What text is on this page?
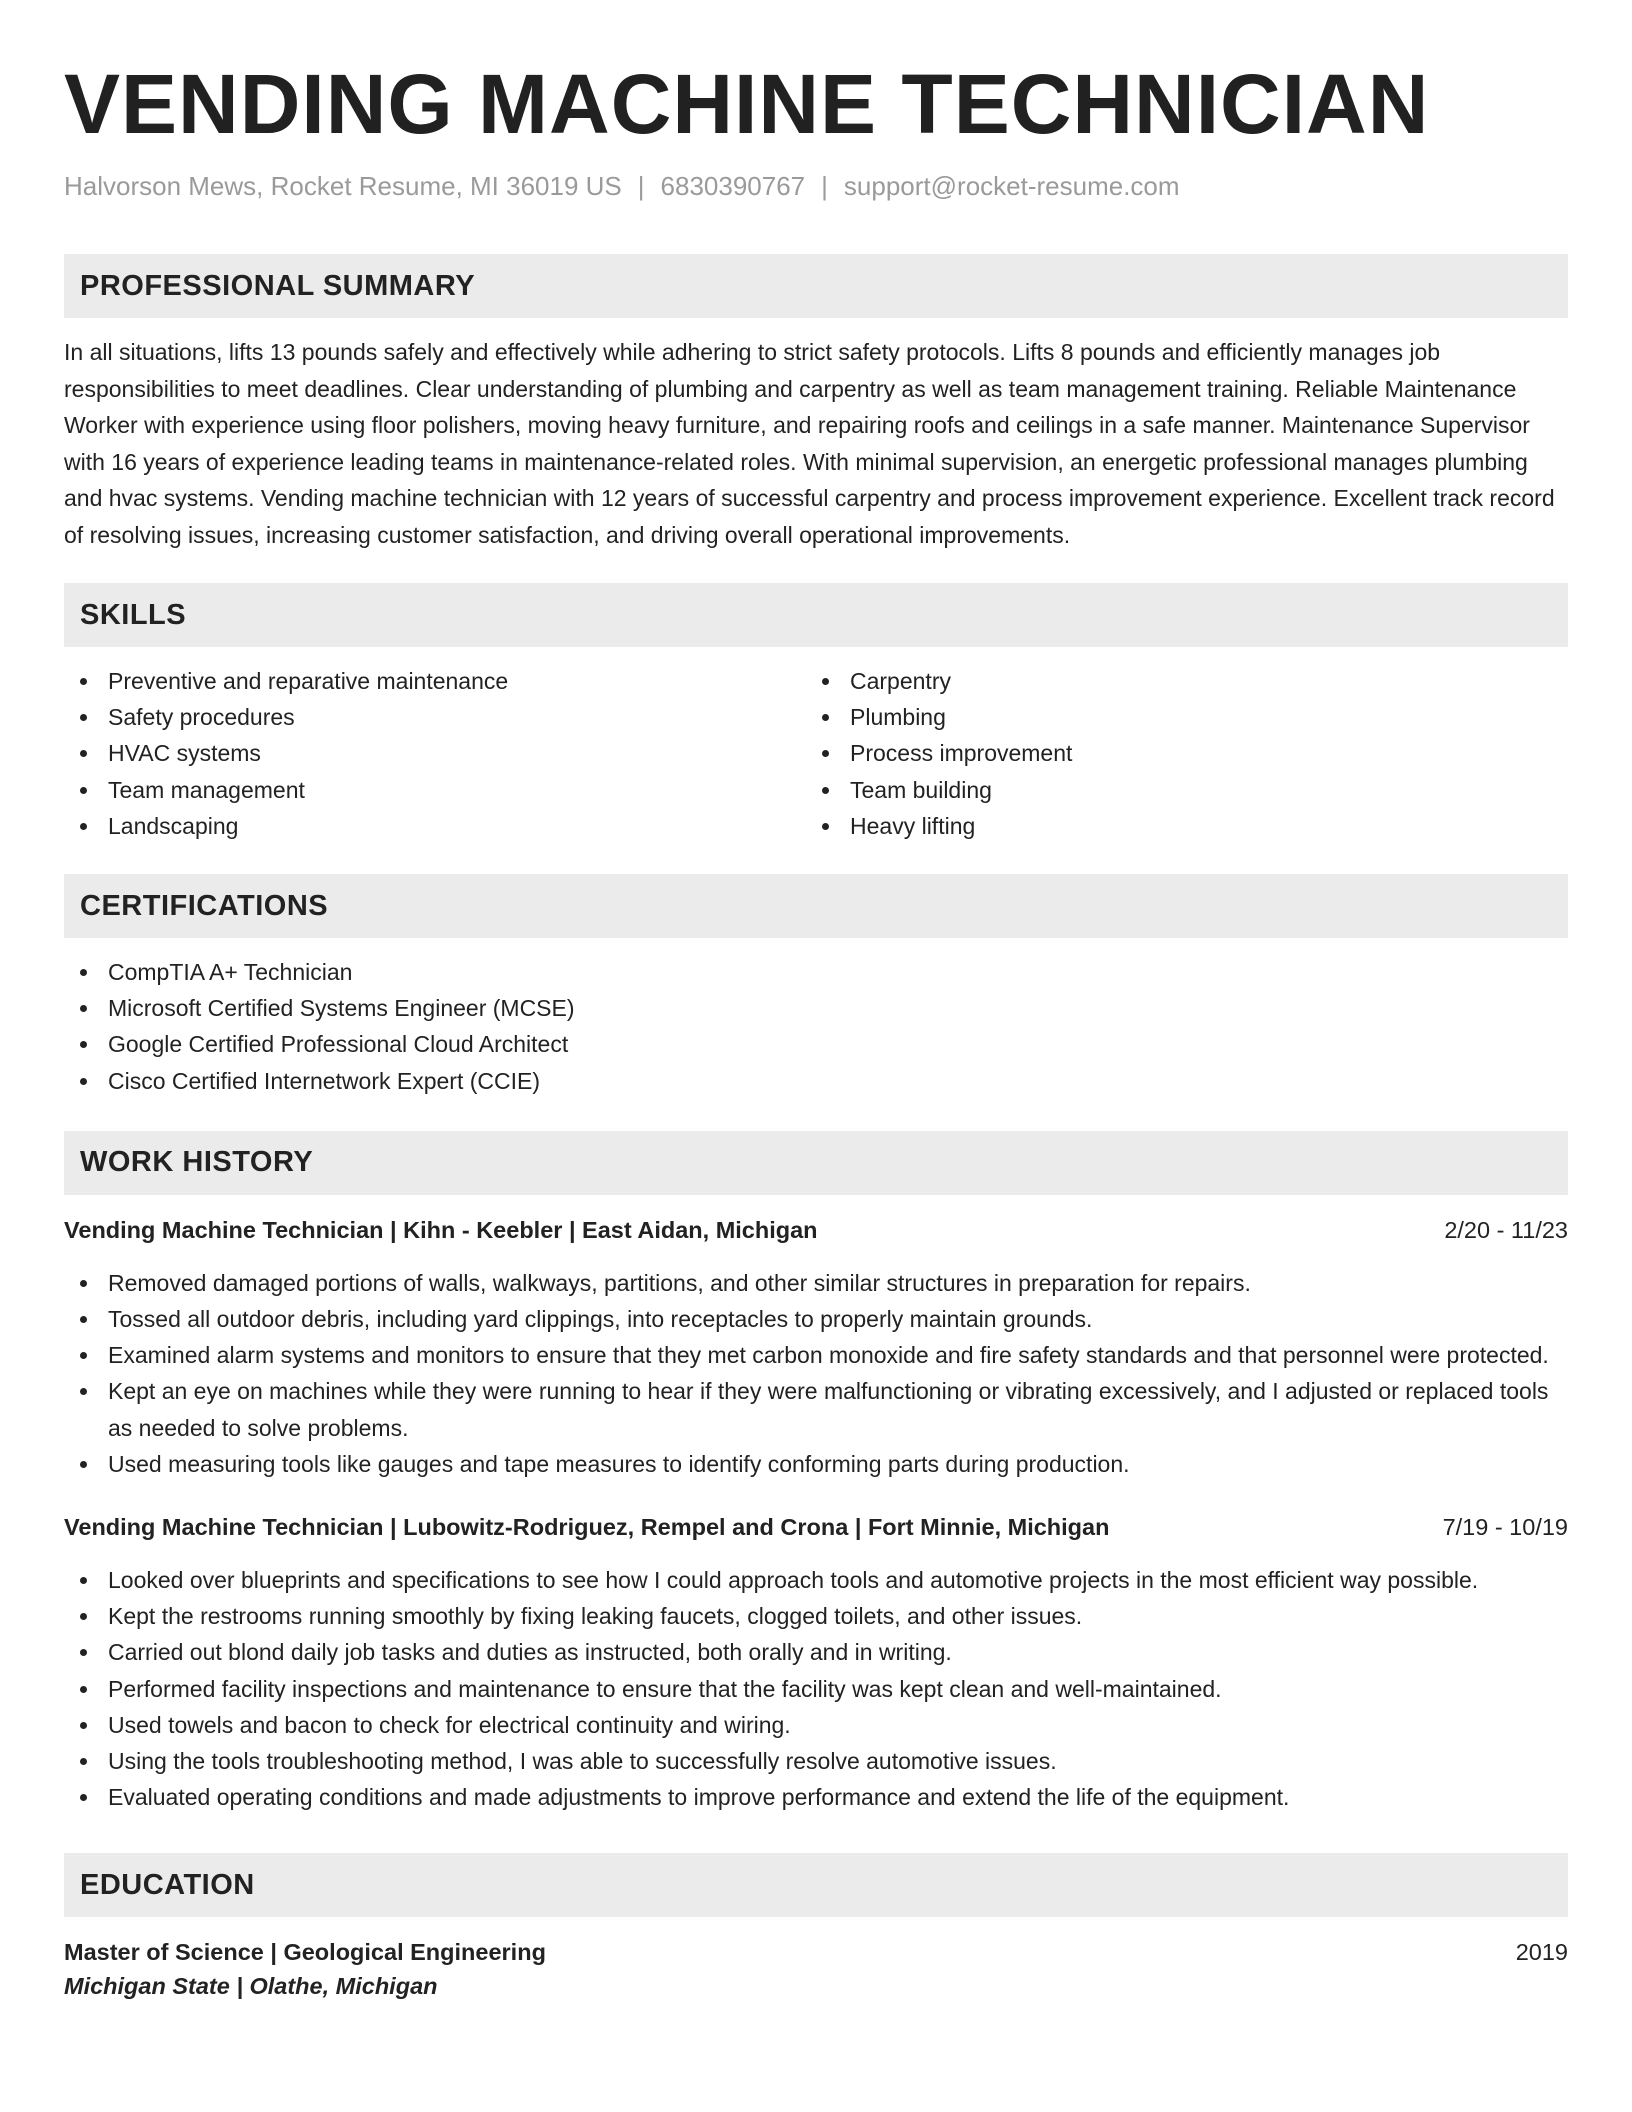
VENDING MACHINE TECHNICIAN
Halvorson Mews, Rocket Resume, MI 36019 US | 6830390767 | support@rocket-resume.com
PROFESSIONAL SUMMARY

In all situations, lifts 13 pounds safely and effectively while adhering to strict safety protocols. Lifts 8 pounds and efficiently manages job responsibilities to meet deadlines. Clear understanding of plumbing and carpentry as well as team management training. Reliable Maintenance Worker with experience using floor polishers, moving heavy furniture, and repairing roofs and ceilings in a safe manner. Maintenance Supervisor with 16 years of experience leading teams in maintenance-related roles. With minimal supervision, an energetic professional manages plumbing and hvac systems. Vending machine technician with 12 years of successful carpentry and process improvement experience. Excellent track record of resolving issues, increasing customer satisfaction, and driving overall operational improvements.

SKILLS
Preventive and reparative maintenance
Safety procedures
HVAC systems
Team management
Landscaping
Carpentry
Plumbing
Process improvement
Team building
Heavy lifting
CERTIFICATIONS
CompTIA A+ Technician
Microsoft Certified Systems Engineer (MCSE)
Google Certified Professional Cloud Architect
Cisco Certified Internetwork Expert (CCIE)
WORK HISTORY
Vending Machine Technician | Kihn - Keebler | East Aidan, Michigan	2/20 - 11/23
Removed damaged portions of walls, walkways, partitions, and other similar structures in preparation for repairs.
Tossed all outdoor debris, including yard clippings, into receptacles to properly maintain grounds.
Examined alarm systems and monitors to ensure that they met carbon monoxide and fire safety standards and that personnel were protected.
Kept an eye on machines while they were running to hear if they were malfunctioning or vibrating excessively, and I adjusted or replaced tools as needed to solve problems.
Used measuring tools like gauges and tape measures to identify conforming parts during production.
Vending Machine Technician | Lubowitz-Rodriguez, Rempel and Crona | Fort Minnie, Michigan	7/19 - 10/19
Looked over blueprints and specifications to see how I could approach tools and automotive projects in the most efficient way possible.
Kept the restrooms running smoothly by fixing leaking faucets, clogged toilets, and other issues.
Carried out blond daily job tasks and duties as instructed, both orally and in writing.
Performed facility inspections and maintenance to ensure that the facility was kept clean and well-maintained.
Used towels and bacon to check for electrical continuity and wiring.
Using the tools troubleshooting method, I was able to successfully resolve automotive issues.
Evaluated operating conditions and made adjustments to improve performance and extend the life of the equipment.
EDUCATION
Master of Science | Geological Engineering	2019
Michigan State | Olathe, Michigan
